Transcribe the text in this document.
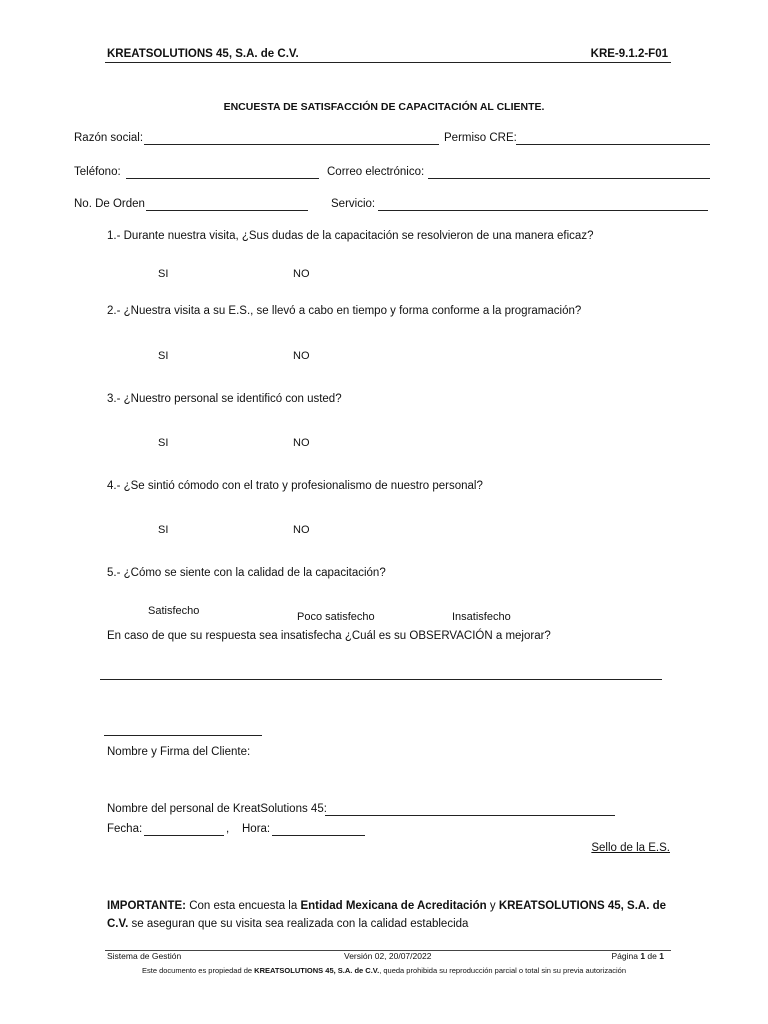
KREATSOLUTIONS 45, S.A. de C.V.	KRE-9.1.2-F01
ENCUESTA DE SATISFACCIÓN DE CAPACITACIÓN AL CLIENTE.
Razón social:	Permiso CRE:
Teléfono:	Correo electrónico:
No. De Orden	Servicio:
1.- Durante nuestra visita, ¿Sus dudas de la capacitación se resolvieron de una manera eficaz?
SI	NO
2.- ¿Nuestra visita a su E.S., se llevó a cabo en tiempo y forma conforme a la programación?
SI	NO
3.- ¿Nuestro personal se identificó con usted?
SI	NO
4.- ¿Se sintió cómodo con el trato y profesionalismo de nuestro personal?
SI	NO
5.- ¿Cómo se siente con la calidad de la capacitación?
Satisfecho	Poco satisfecho	Insatisfecho
En caso de que su respuesta sea insatisfecha ¿Cuál es su OBSERVACIÓN a mejorar?
Nombre y Firma del Cliente:
Nombre del personal de KreatSolutions 45:
Fecha:	, Hora:
Sello de la E.S.
IMPORTANTE: Con esta encuesta la Entidad Mexicana de Acreditación y KREATSOLUTIONS 45, S.A. de C.V. se aseguran que su visita sea realizada con la calidad establecida
Sistema de Gestión	Versión 02, 20/07/2022	Página 1 de 1
Este documento es propiedad de KREATSOLUTIONS 45, S.A. de C.V., queda prohibida su reproducción parcial o total sin su previa autorización
